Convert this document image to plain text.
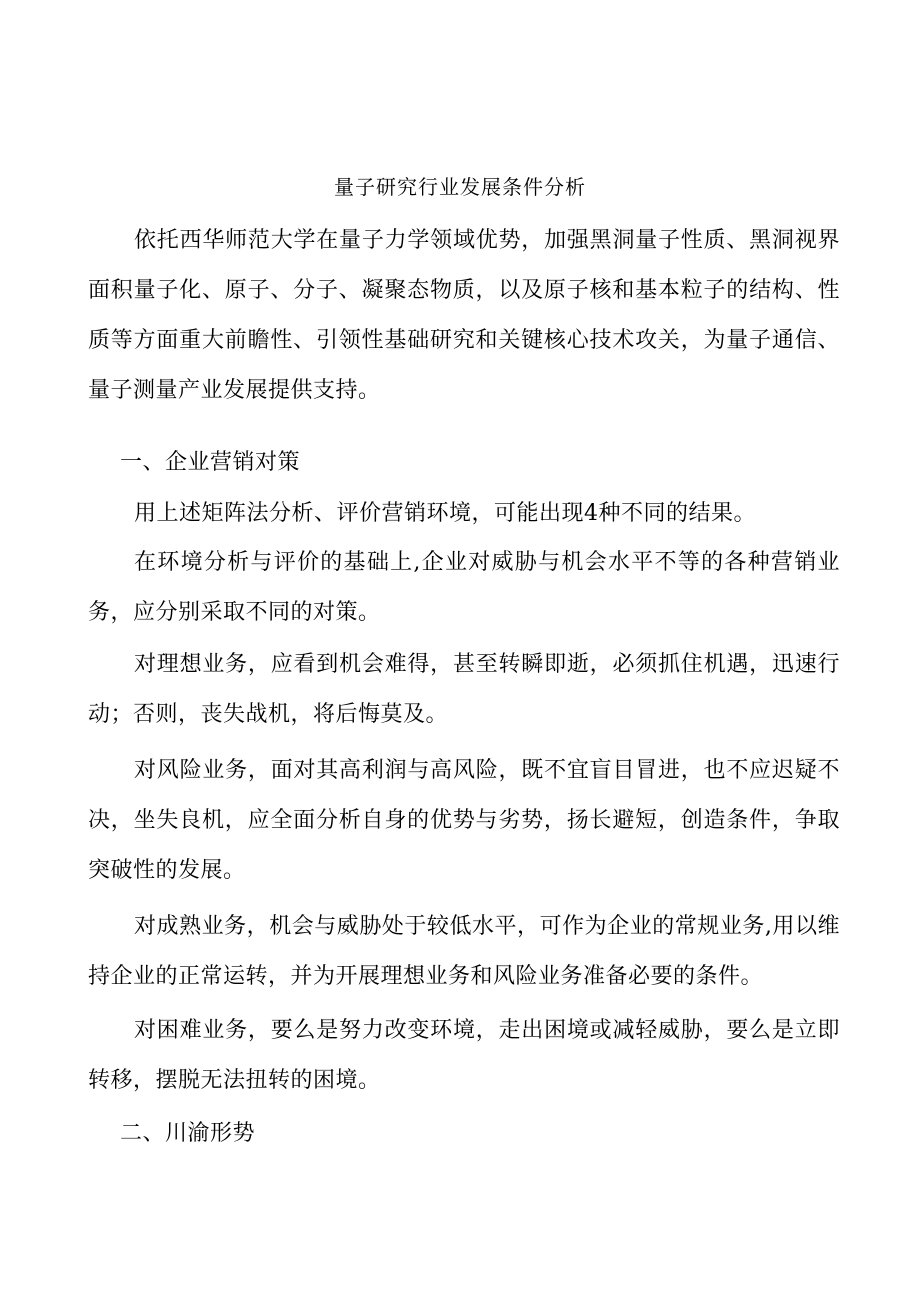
量子研究行业发展条件分析

依托西华师范大学在量子力学领域优势，加强黑洞量子性质、黑洞视界面积量子化、原子、分子、凝聚态物质，以及原子核和基本粒子的结构、性质等方面重大前瞻性、引领性基础研究和关键核心技术攻关，为量子通信、量子测量产业发展提供支持。

一、企业营销对策

用上述矩阵法分析、评价营销环境，可能出现4种不同的结果。

在环境分析与评价的基础上,企业对威胁与机会水平不等的各种营销业务，应分别采取不同的对策。

对理想业务，应看到机会难得，甚至转瞬即逝，必须抓住机遇，迅速行动；否则，丧失战机，将后悔莫及。

对风险业务，面对其高利润与高风险，既不宜盲目冒进，也不应迟疑不决，坐失良机，应全面分析自身的优势与劣势，扬长避短，创造条件，争取突破性的发展。

对成熟业务，机会与威胁处于较低水平，可作为企业的常规业务,用以维持企业的正常运转，并为开展理想业务和风险业务准备必要的条件。

对困难业务，要么是努力改变环境，走出困境或减轻威胁，要么是立即转移，摆脱无法扭转的困境。

二、川渝形势
